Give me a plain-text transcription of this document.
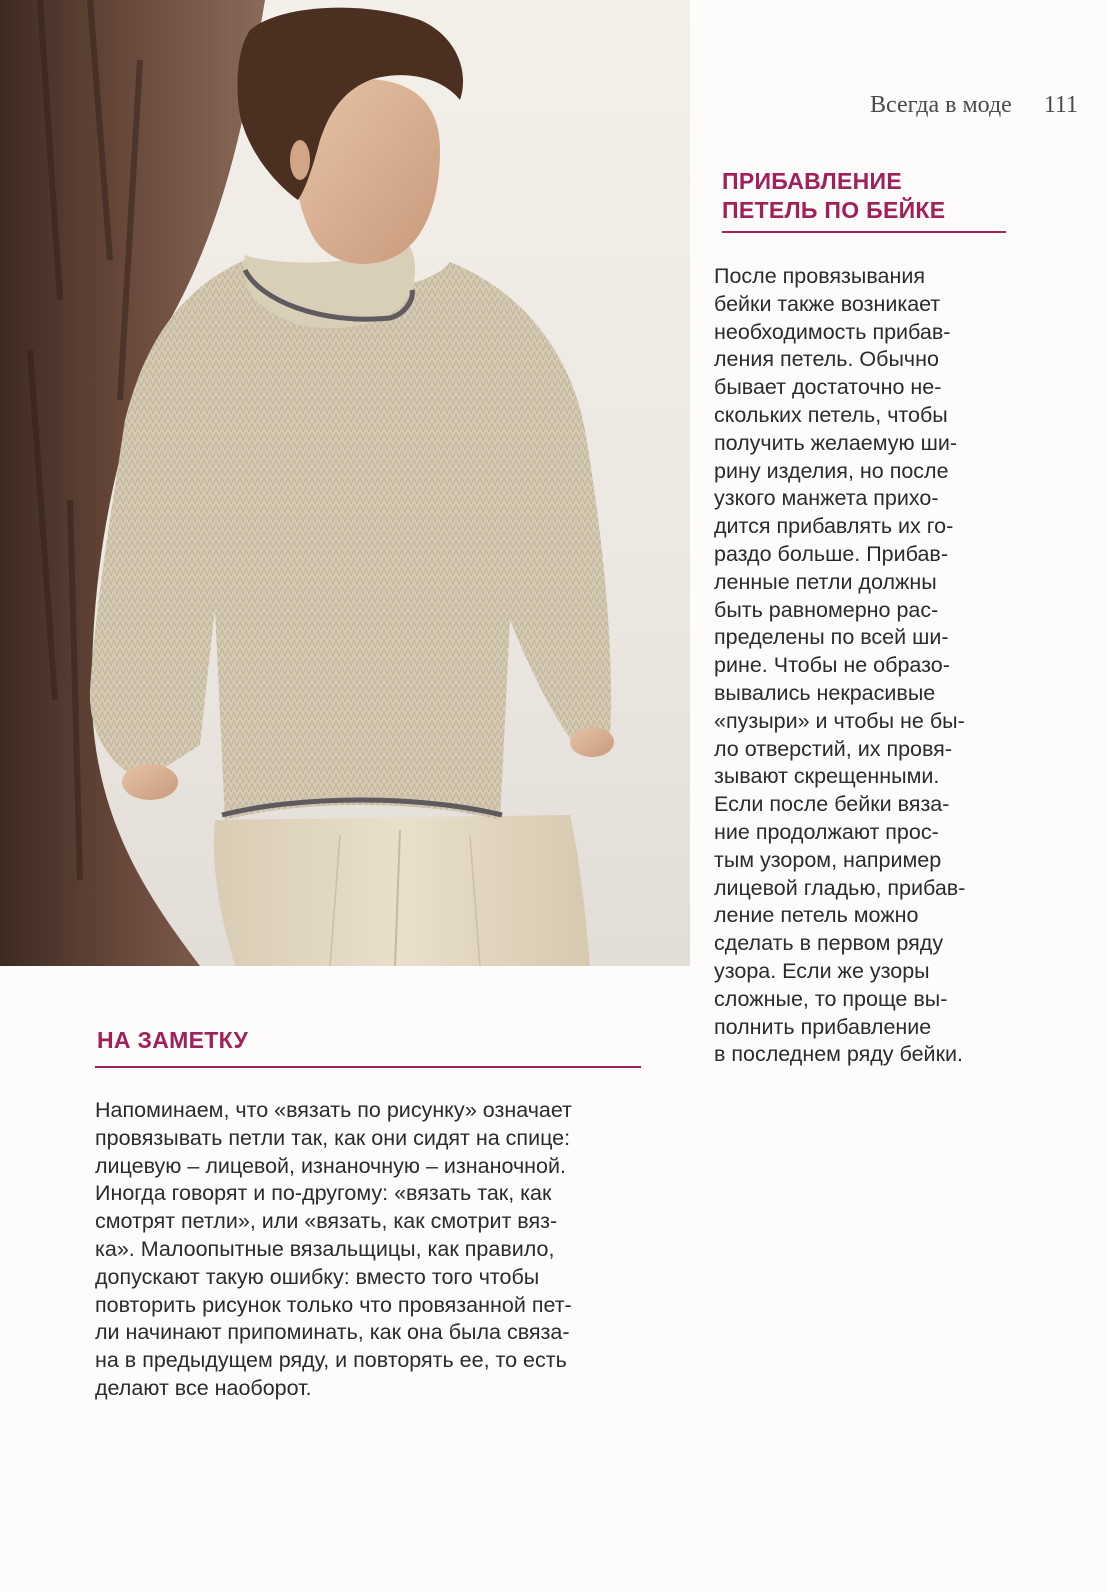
Всегда в моде 111
ПРИБАВЛЕНИЕ
ПЕТЕЛЬ ПО БЕЙКЕ
После провязывания
бейки также возникает
необходимость прибав-
ления петель. Обычно
бывает достаточно не-
скольких петель, чтобы
получить желаемую ши-
рину изделия, но после
узкого манжета прихо-
дится прибавлять их го-
раздо больше. Прибав-
ленные петли должны
быть равномерно рас-
пределены по всей ши-
рине. Чтобы не образо-
вывались некрасивые
«пузыри» и чтобы не бы-
ло отверстий, их провя-
зывают скрещенными.
Если после бейки вяза-
ние продолжают прос-
тым узором, например
лицевой гладью, прибав-
ление петель можно
сделать в первом ряду
узора. Если же узоры
сложные, то проще вы-
полнить прибавление
в последнем ряду бейки.
НА ЗАМЕТКУ
Напоминаем, что «вязать по рисунку» означает
провязывать петли так, как они сидят на спице:
лицевую – лицевой, изнаночную – изнаночной.
Иногда говорят и по-другому: «вязать так, как
смотрят петли», или «вязать, как смотрит вяз-
ка». Малоопытные вязальщицы, как правило,
допускают такую ошибку: вместо того чтобы
повторить рисунок только что провязанной пет-
ли начинают припоминать, как она была связа-
на в предыдущем ряду, и повторять ее, то есть
делают все наоборот.
